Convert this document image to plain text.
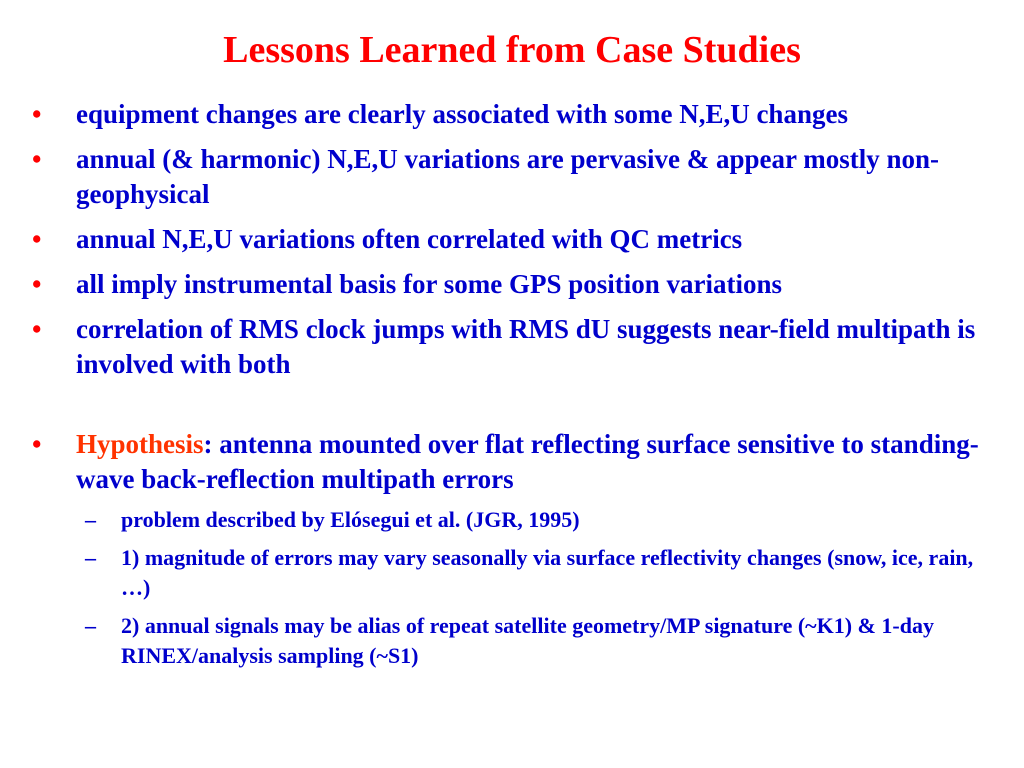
Lessons Learned from Case Studies
• equipment changes are clearly associated with some N,E,U changes
• annual (& harmonic) N,E,U variations are pervasive & appear mostly non-geophysical
• annual N,E,U variations often correlated with QC metrics
• all imply instrumental basis for some GPS position variations
• correlation of RMS clock jumps with RMS dU suggests near-field multipath is involved with both
• Hypothesis: antenna mounted over flat reflecting surface sensitive to standing-wave back-reflection multipath errors
– problem described by Elósegui et al. (JGR, 1995)
– 1) magnitude of errors may vary seasonally via surface reflectivity changes (snow, ice, rain, …)
– 2) annual signals may be alias of repeat satellite geometry/MP signature (~K1) & 1-day RINEX/analysis sampling (~S1)
